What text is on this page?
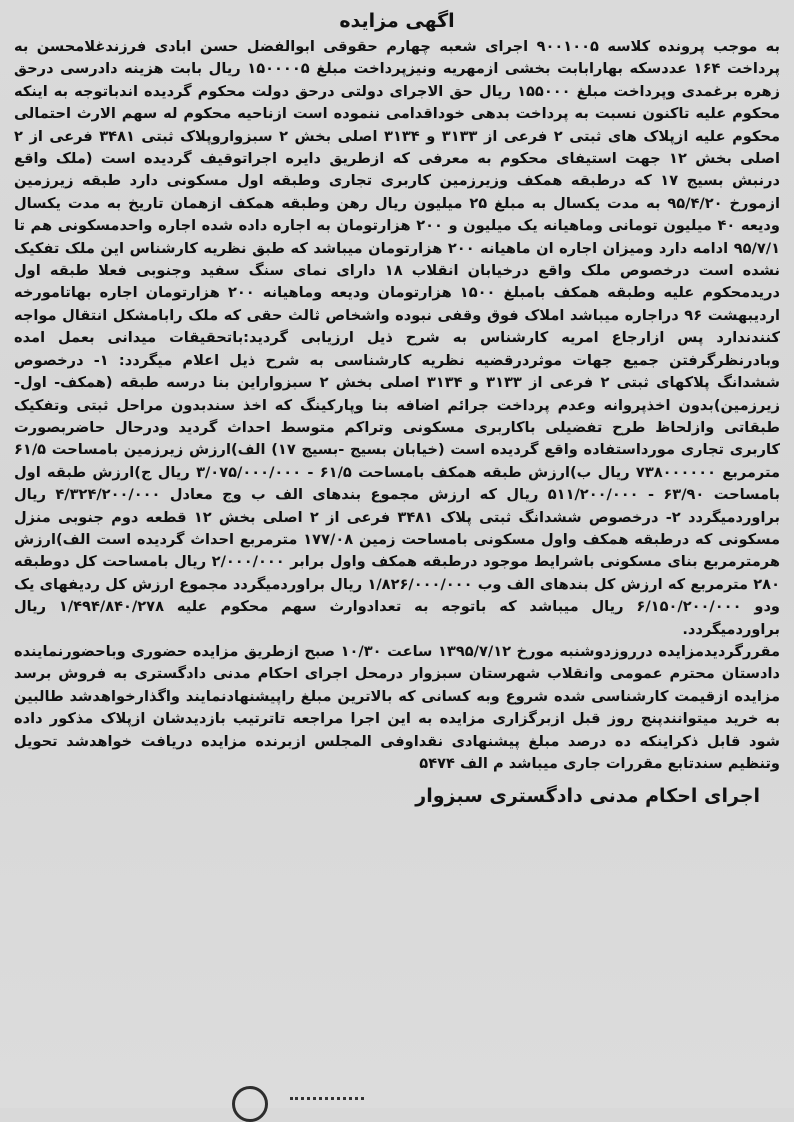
اگهی مزایده

به موجب پرونده کلاسه ۹۰۰۱۰۰۵ اجرای شعبه چهارم حقوقی ابوالفضل حسن ابادی فرزندغلامحسن به پرداخت ۱۶۴ عددسکه بهارابابت بخشی ازمهریه ونیزپرداخت مبلغ ۱۵۰۰۰۰۵ ریال بابت هزینه دادرسی درحق زهره برغمدی وپرداخت مبلغ ۱۵۵۰۰۰ ریال حق الاجرای دولتی درحق دولت محکوم گردیده اندباتوجه به اینکه محکوم علیه تاکنون نسبت به پرداخت بدهی خوداقدامی ننموده است ازناحیه محکوم له سهم الارث احتمالی محکوم علیه ازپلاک های ثبتی ۲ فرعی از ۳۱۳۳ و ۳۱۳۴ اصلی بخش ۲ سبزواروپلاک ثبتی ۳۴۸۱ فرعی از ۲ اصلی بخش ۱۲ جهت استیفای محکوم به معرفی که ازطریق دایره اجراتوقیف گردیده است (ملک واقع درنبش بسیج ۱۷ که درطبقه همکف وزیرزمین کاربری تجاری وطبقه اول مسکونی دارد طبقه زیرزمین ازمورخ ۹۵/۴/۲۰ به مدت یکسال به مبلغ ۲۵ میلیون ریال رهن وطبقه همکف ازهمان تاریخ به مدت یکسال ودیعه ۴۰ میلیون تومانی وماهیانه یک میلیون و ۲۰۰ هزارتومان به اجاره داده شده اجاره واحدمسکونی هم تا ۹۵/۷/۱ ادامه دارد ومیزان اجاره ان ماهیانه ۲۰۰ هزارتومان میباشد که طبق نظریه کارشناس این ملک تفکیک نشده است درخصوص ملک واقع درخیابان انقلاب ۱۸ دارای نمای سنگ سفید وجنوبی فعلا طبقه اول دریدمحکوم علیه وطبقه همکف بامبلغ ۱۵۰۰ هزارتومان ودیعه وماهیانه ۲۰۰ هزارتومان اجاره بهاتامورخه اردیبهشت ۹۶ دراجاره میباشد املاک فوق وقفی نبوده واشخاص ثالث حقی که ملک رابامشکل انتقال مواجه کنندندارد پس ازارجاع امریه کارشناس به شرح ذیل ارزیابی گردید:باتحقیقات میدانی بعمل امده وبادرنظرگرفتن جمیع جهات موثردرقضیه نظریه کارشناسی به شرح ذیل اعلام میگردد: ۱- درخصوص ششدانگ پلاکهای ثبتی ۲ فرعی از ۳۱۳۳ و ۳۱۳۴ اصلی بخش ۲ سبزواراین بنا درسه طبقه (همکف- اول- زیرزمین)بدون اخذپروانه وعدم پرداخت جرائم اضافه بنا وپارکینگ که اخذ سندبدون مراحل ثبتی وتفکیک طبقاتی وازلحاظ طرح تفضیلی باکاربری مسکونی وتراکم متوسط احداث گردید ودرحال حاضربصورت کاربری تجاری مورداستفاده واقع گردیده است (خیابان بسیج -بسیج ۱۷) الف)ارزش زیرزمین بامساحت ۶۱/۵ مترمربع ۷۳۸۰۰۰۰۰۰ ریال ب)ارزش طبقه همکف بامساحت ۶۱/۵ - ۳/۰۷۵/۰۰۰/۰۰۰ ریال ج)ارزش طبقه اول بامساحت ۶۳/۹۰ - ۵۱۱/۲۰۰/۰۰۰ ریال که ارزش مجموع بندهای الف ب وج معادل ۴/۳۲۴/۲۰۰/۰۰۰ ریال براوردمیگردد ۲- درخصوص ششدانگ ثبتی پلاک ۳۴۸۱ فرعی از ۲ اصلی بخش ۱۲ قطعه دوم جنوبی منزل مسکونی که درطبقه همکف واول مسکونی بامساحت زمین ۱۷۷/۰۸ مترمربع احداث گردیده است الف)ارزش هرمترمربع بنای مسکونی باشرایط موجود درطبقه همکف واول برابر ۲/۰۰۰/۰۰۰ ریال بامساحت کل دوطبقه ۲۸۰ مترمربع که ارزش کل بندهای الف وب ۱/۸۲۶/۰۰۰/۰۰۰ ریال براوردمیگردد مجموع ارزش کل ردیفهای یک ودو ۶/۱۵۰/۲۰۰/۰۰۰ ریال میباشد که باتوجه به تعدادوارث سهم محکوم علیه ۱/۴۹۴/۸۴۰/۲۷۸ ریال براوردمیگردد.

مقررگردیدمزایده درروزدوشنبه مورخ ۱۳۹۵/۷/۱۲ ساعت ۱۰/۳۰ صبح ازطریق مزایده حضوری وباحضورنماینده دادستان محترم عمومی وانقلاب شهرستان سبزوار درمحل اجرای احکام مدنی دادگستری به فروش برسد مزایده ازقیمت کارشناسی شده شروع وبه کسانی که بالاترین مبلغ راپیشنهادنمایند واگذارخواهدشد طالبین به خرید میتوانندپنج روز قبل ازبرگزاری مزایده به این اجرا مراجعه تاترتیب بازدیدشان ازپلاک مذکور داده شود قابل ذکراینکه ده درصد مبلغ پیشنهادی نقداوفی المجلس ازبرنده مزایده دریافت خواهدشد تحویل وتنظیم سندتابع مقررات جاری میباشد م الف ۵۴۷۴

اجرای احکام مدنی دادگستری سبزوار
